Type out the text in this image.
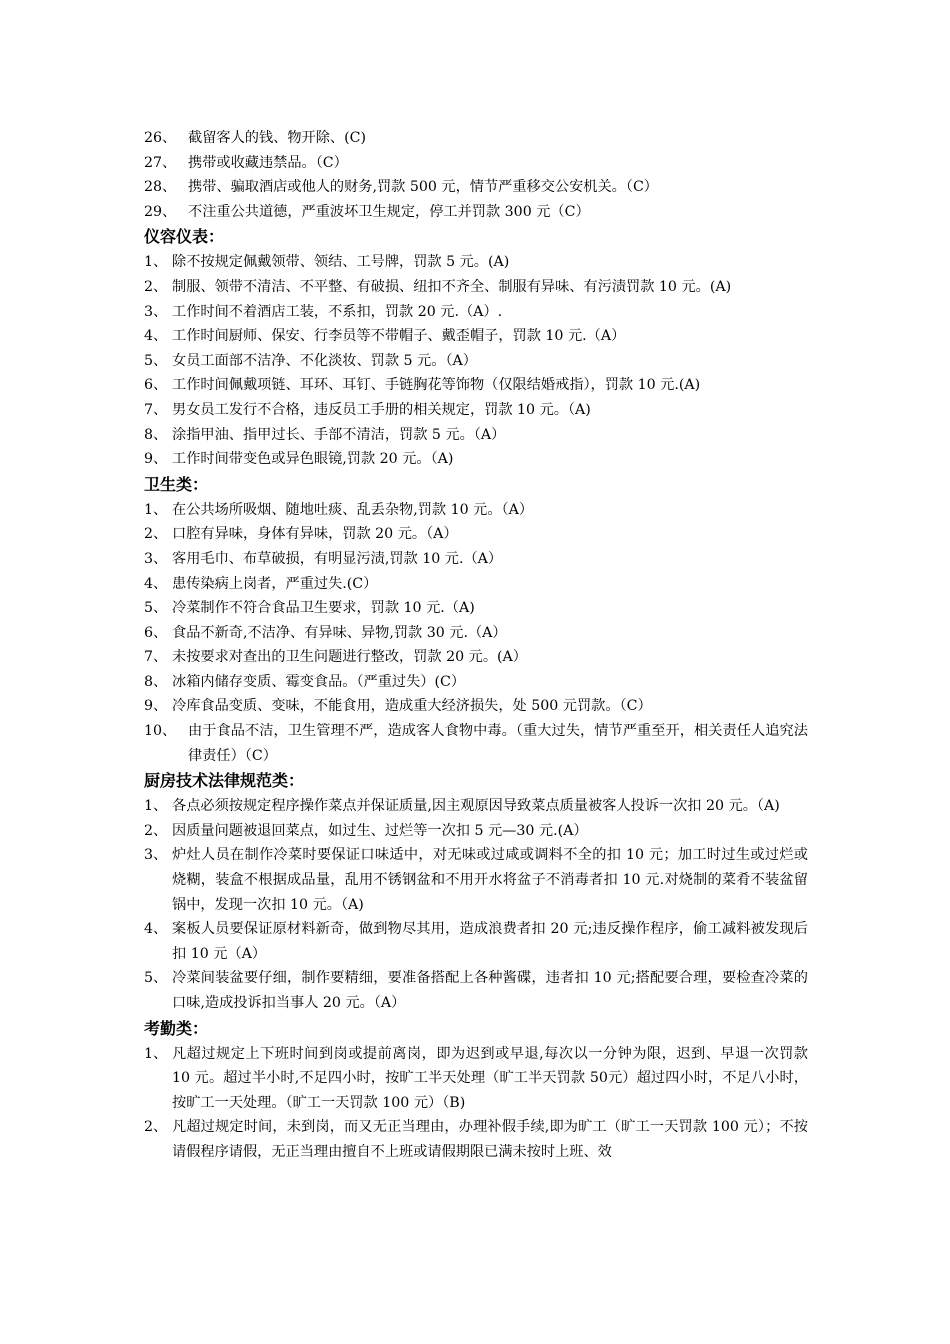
26、 截留客人的钱、物开除、(C)
27、 携带或收藏违禁品。（C）
28、 携带、骗取酒店或他人的财务,罚款 500 元，情节严重移交公安机关。（C）
29、 不注重公共道德，严重波坏卫生规定，停工并罚款 300 元（C）
仪容仪表：
1、 除不按规定佩戴领带、领结、工号牌，罚款 5 元。(A)
2、 制服、领带不清洁、不平整、有破损、纽扣不齐全、制服有异味、有污渍罚款 10 元。(A)
3、 工作时间不着酒店工装，不系扣，罚款 20 元.（A）.
4、 工作时间厨师、保安、行李员等不带帽子、戴歪帽子，罚款 10 元.（A）
5、 女员工面部不洁净、不化淡妆、罚款 5 元。（A）
6、 工作时间佩戴项链、耳环、耳钉、手链胸花等饰物（仅限结婚戒指），罚款 10 元.(A)
7、 男女员工发行不合格，违反员工手册的相关规定，罚款 10 元。（A)
8、 涂指甲油、指甲过长、手部不清洁，罚款 5 元。（A）
9、 工作时间带变色或异色眼镜,罚款 20 元。（A)
卫生类：
1、 在公共场所吸烟、随地吐痰、乱丢杂物,罚款 10 元。（A）
2、 口腔有异味，身体有异味，罚款 20 元。（A）
3、 客用毛巾、布草破损，有明显污渍,罚款 10 元.（A）
4、 患传染病上岗者，严重过失.(C）
5、 冷菜制作不符合食品卫生要求，罚款 10 元.（A)
6、 食品不新奇,不洁净、有异味、异物,罚款 30 元.（A）
7、 未按要求对查出的卫生问题进行整改，罚款 20 元。(A）
8、 冰箱内储存变质、霉变食品。（严重过失）(C）
9、 冷库食品变质、变味，不能食用，造成重大经济损失，处 500 元罚款。（C）
10、 由于食品不洁，卫生管理不严，造成客人食物中毒。（重大过失，情节严重至开，相关责任人追究法律责任）（C）
厨房技术法律规范类：
1、 各点必须按规定程序操作菜点并保证质量,因主观原因导致菜点质量被客人投诉一次扣 20 元。（A)
2、 因质量问题被退回菜点，如过生、过烂等一次扣 5 元—30 元.(A）
3、 炉灶人员在制作冷菜时要保证口味适中，对无味或过咸或调料不全的扣 10 元；加工时过生或过烂或烧糊，装盒不根据成品量，乱用不锈钢盆和不用开水将盆子不消毒者扣 10 元.对烧制的菜肴不装盆留锅中，发现一次扣 10 元。（A)
4、 案板人员要保证原材料新奇，做到物尽其用，造成浪费者扣 20 元;违反操作程序，偷工减料被发现后扣 10 元（A）
5、 冷菜间装盆要仔细，制作要精细，要准备搭配上各种酱碟，违者扣 10 元;搭配要合理，要检查冷菜的口味,造成投诉扣当事人 20 元。（A）
考勤类：
1、 凡超过规定上下班时间到岗或提前离岗，即为迟到或早退,每次以一分钟为限，迟到、早退一次罚款 10 元。超过半小时,不足四小时，按旷工半天处理（旷工半天罚款 50元）超过四小时，不足八小时，按旷工一天处理。（旷工一天罚款 100 元）（B)
2、 凡超过规定时间，未到岗，而又无正当理由，办理补假手续,即为旷工（旷工一天罚款 100 元）；不按请假程序请假，无正当理由擅自不上班或请假期限已满未按时上班、效
